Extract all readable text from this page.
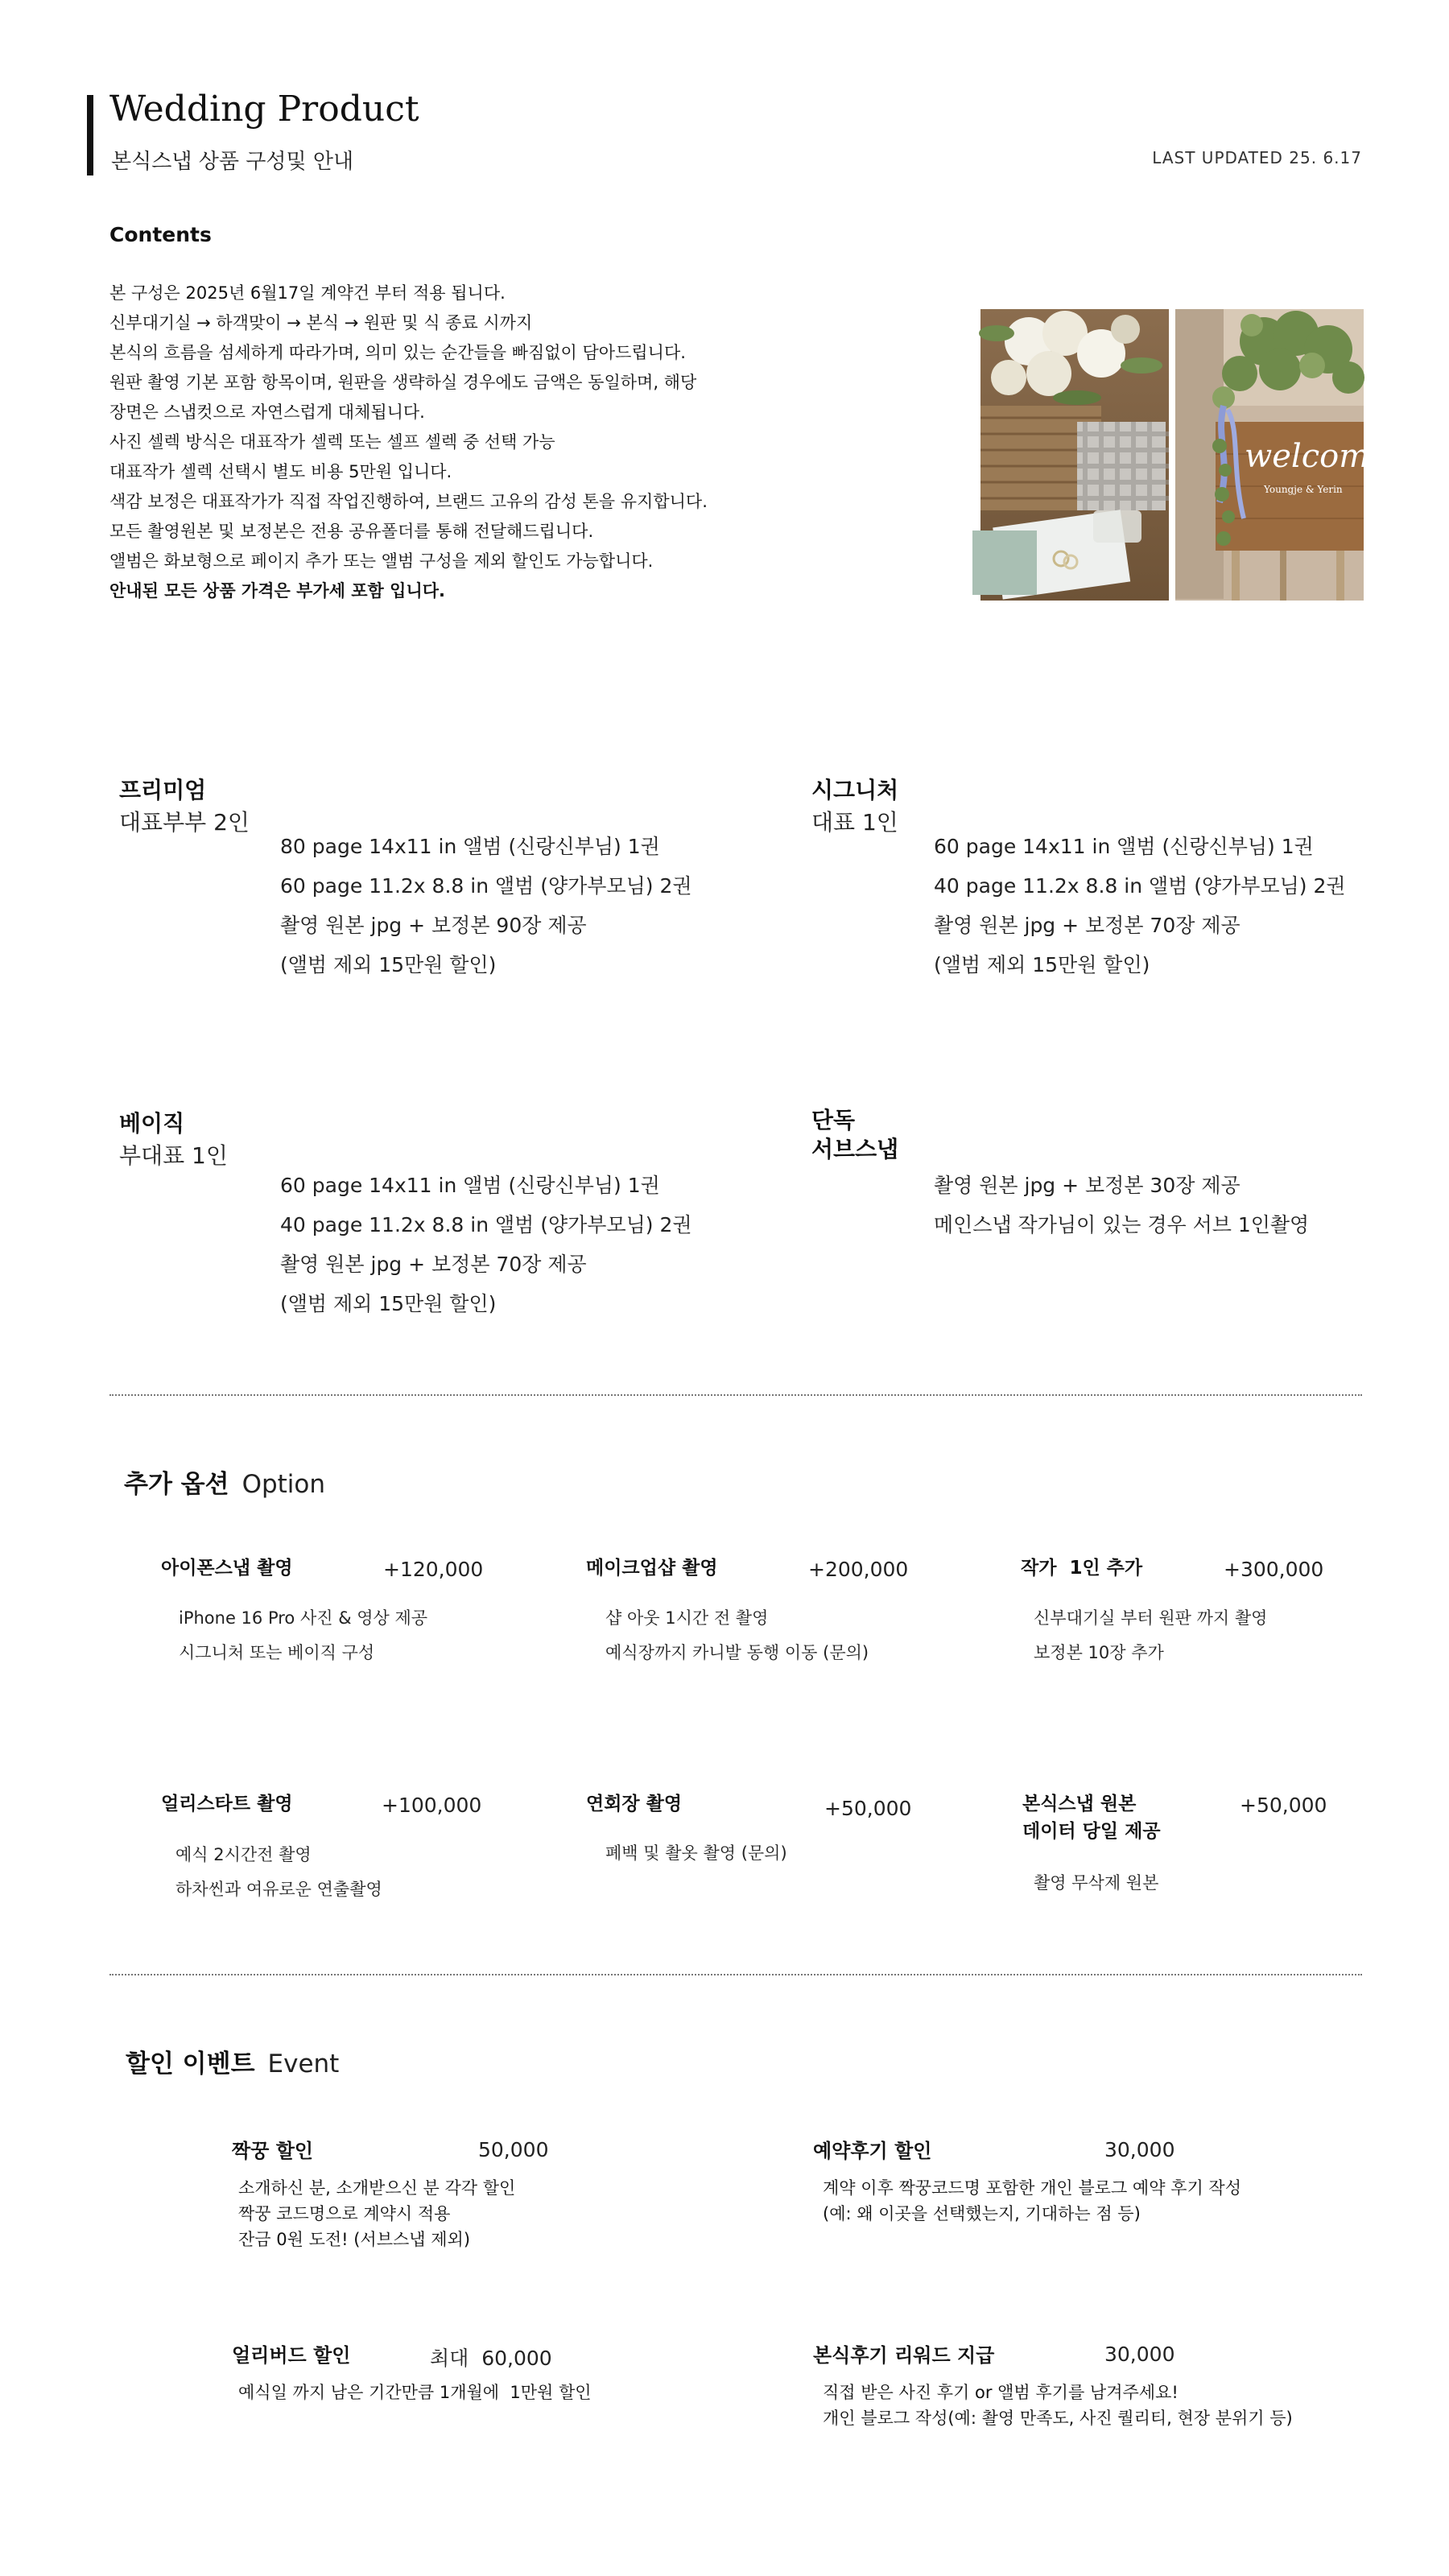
Wedding Product
본식스냅 상품 구성및 안내	LAST UPDATED 25. 6.17
Contents
본 구성은 2025년 6월17일 계약건 부터 적용 됩니다.
신부대기실 → 하객맞이 → 본식 → 원판 및 식 종료 시까지
본식의 흐름을 섬세하게 따라가며, 의미 있는 순간들을 빠짐없이 담아드립니다.
원판 촬영 기본 포함 항목이며, 원판을 생략하실 경우에도 금액은 동일하며, 해당
장면은 스냅컷으로 자연스럽게 대체됩니다.
사진 셀렉 방식은 대표작가 셀렉 또는 셀프 셀렉 중 선택 가능
대표작가 셀렉 선택시 별도 비용 5만원 입니다.
색감 보정은 대표작가가 직접 작업진행하여, 브랜드 고유의 감성 톤을 유지합니다.
모든 촬영원본 및 보정본은 전용 공유폴더를 통해 전달해드립니다.
앨범은 화보형으로 페이지 추가 또는 앨범 구성을 제외 할인도 가능합니다.
안내된 모든 상품 가격은 부가세 포함 입니다.
welcome
Youngje & Yerin
프리미엄
대표부부 2인
80 page 14x11 in 앨범 (신랑신부님) 1권
60 page 11.2x 8.8 in 앨범 (양가부모님) 2권
촬영 원본 jpg + 보정본 90장 제공
(앨범 제외 15만원 할인)
시그니처
대표 1인
60 page 14x11 in 앨범 (신랑신부님) 1권
40 page 11.2x 8.8 in 앨범 (양가부모님) 2권
촬영 원본 jpg + 보정본 70장 제공
(앨범 제외 15만원 할인)
베이직
부대표 1인
60 page 14x11 in 앨범 (신랑신부님) 1권
40 page 11.2x 8.8 in 앨범 (양가부모님) 2권
촬영 원본 jpg + 보정본 70장 제공
(앨범 제외 15만원 할인)
단독
서브스냅
촬영 원본 jpg + 보정본 30장 제공
메인스냅 작가님이 있는 경우 서브 1인촬영
추가 옵션 Option
아이폰스냅 촬영	+120,000
iPhone 16 Pro 사진 & 영상 제공
시그니처 또는 베이직 구성
메이크업샵 촬영	+200,000
샵 아웃 1시간 전 촬영
예식장까지 카니발 동행 이동 (문의)
작가  1인 추가	+300,000
신부대기실 부터 원판 까지 촬영
보정본 10장 추가
얼리스타트 촬영	+100,000
예식 2시간전 촬영
하차씬과 여유로운 연출촬영
연회장 촬영	+50,000
폐백 및 촬옷 촬영 (문의)
본식스냅 원본
데이터 당일 제공
+50,000
촬영 무삭제 원본
할인 이벤트 Event
짝꿍 할인	50,000
소개하신 분, 소개받으신 분 각각 할인
짝꿍 코드명으로 계약시 적용
잔금 0원 도전! (서브스냅 제외)
예약후기 할인	30,000
계약 이후 짝꿍코드명 포함한 개인 블로그 예약 후기 작성
(예: 왜 이곳을 선택했는지, 기대하는 점 등)
얼리버드 할인	최대  60,000
예식일 까지 남은 기간만큼 1개월에  1만원 할인
본식후기 리워드 지급	30,000
직접 받은 사진 후기 or 앨범 후기를 남겨주세요!
개인 블로그 작성(예: 촬영 만족도, 사진 퀄리티, 현장 분위기 등)
